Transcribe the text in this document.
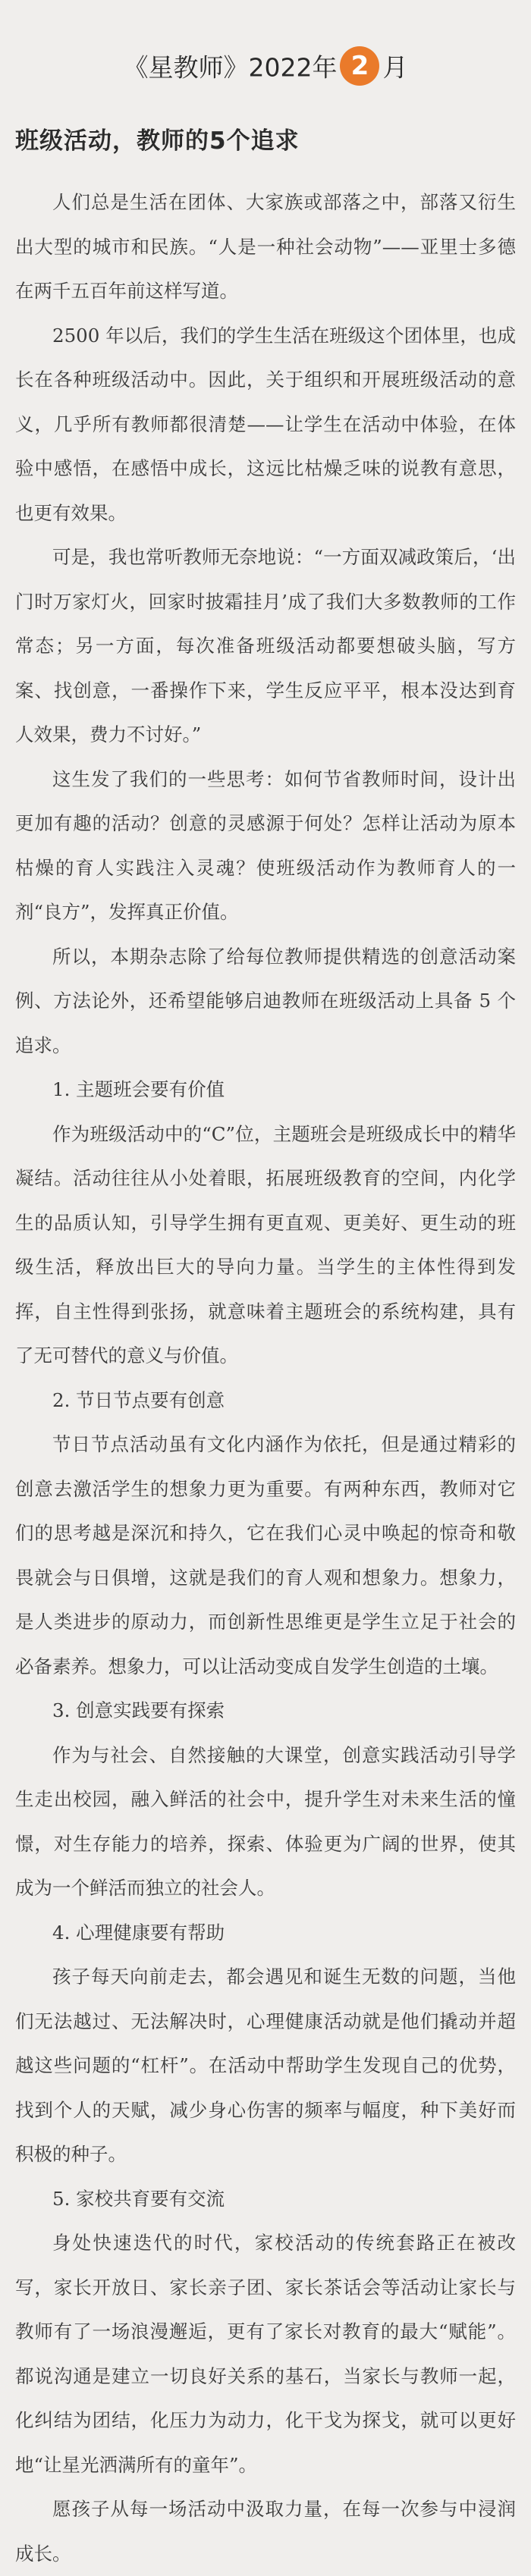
《星教师》2022年 2 月
班级活动，教师的5个追求

人们总是生活在团体、大家族或部落之中，部落又衍生出大型的城市和民族。“人是一种社会动物”——亚里士多德在两千五百年前这样写道。

2500 年以后，我们的学生生活在班级这个团体里，也成长在各种班级活动中。因此，关于组织和开展班级活动的意义，几乎所有教师都很清楚——让学生在活动中体验，在体验中感悟，在感悟中成长，这远比枯燥乏味的说教有意思，也更有效果。

可是，我也常听教师无奈地说：“一方面双减政策后，‘出门时万家灯火，回家时披霜挂月’成了我们大多数教师的工作常态；另一方面，每次准备班级活动都要想破头脑，写方案、找创意，一番操作下来，学生反应平平，根本没达到育人效果，费力不讨好。”

这生发了我们的一些思考：如何节省教师时间，设计出更加有趣的活动？创意的灵感源于何处？怎样让活动为原本枯燥的育人实践注入灵魂？使班级活动作为教师育人的一剂“良方”，发挥真正价值。

所以，本期杂志除了给每位教师提供精选的创意活动案例、方法论外，还希望能够启迪教师在班级活动上具备 5 个追求。

1. 主题班会要有价值

作为班级活动中的“C”位，主题班会是班级成长中的精华凝结。活动往往从小处着眼，拓展班级教育的空间，内化学生的品质认知，引导学生拥有更直观、更美好、更生动的班级生活，释放出巨大的导向力量。当学生的主体性得到发挥，自主性得到张扬，就意味着主题班会的系统构建，具有了无可替代的意义与价值。

2. 节日节点要有创意

节日节点活动虽有文化内涵作为依托，但是通过精彩的创意去激活学生的想象力更为重要。有两种东西，教师对它们的思考越是深沉和持久，它在我们心灵中唤起的惊奇和敬畏就会与日俱增，这就是我们的育人观和想象力。想象力，是人类进步的原动力，而创新性思维更是学生立足于社会的必备素养。想象力，可以让活动变成自发学生创造的土壤。

3. 创意实践要有探索

作为与社会、自然接触的大课堂，创意实践活动引导学生走出校园，融入鲜活的社会中，提升学生对未来生活的憧憬，对生存能力的培养，探索、体验更为广阔的世界，使其成为一个鲜活而独立的社会人。

4. 心理健康要有帮助

孩子每天向前走去，都会遇见和诞生无数的问题，当他们无法越过、无法解决时，心理健康活动就是他们撬动并超越这些问题的“杠杆”。在活动中帮助学生发现自己的优势，找到个人的天赋，减少身心伤害的频率与幅度，种下美好而积极的种子。

5. 家校共育要有交流

身处快速迭代的时代，家校活动的传统套路正在被改写，家长开放日、家长亲子团、家长茶话会等活动让家长与教师有了一场浪漫邂逅，更有了家长对教育的最大“赋能”。都说沟通是建立一切良好关系的基石，当家长与教师一起，化纠结为团结，化压力为动力，化干戈为探戈，就可以更好地“让星光洒满所有的童年”。

愿孩子从每一场活动中汲取力量，在每一次参与中浸润成长。
